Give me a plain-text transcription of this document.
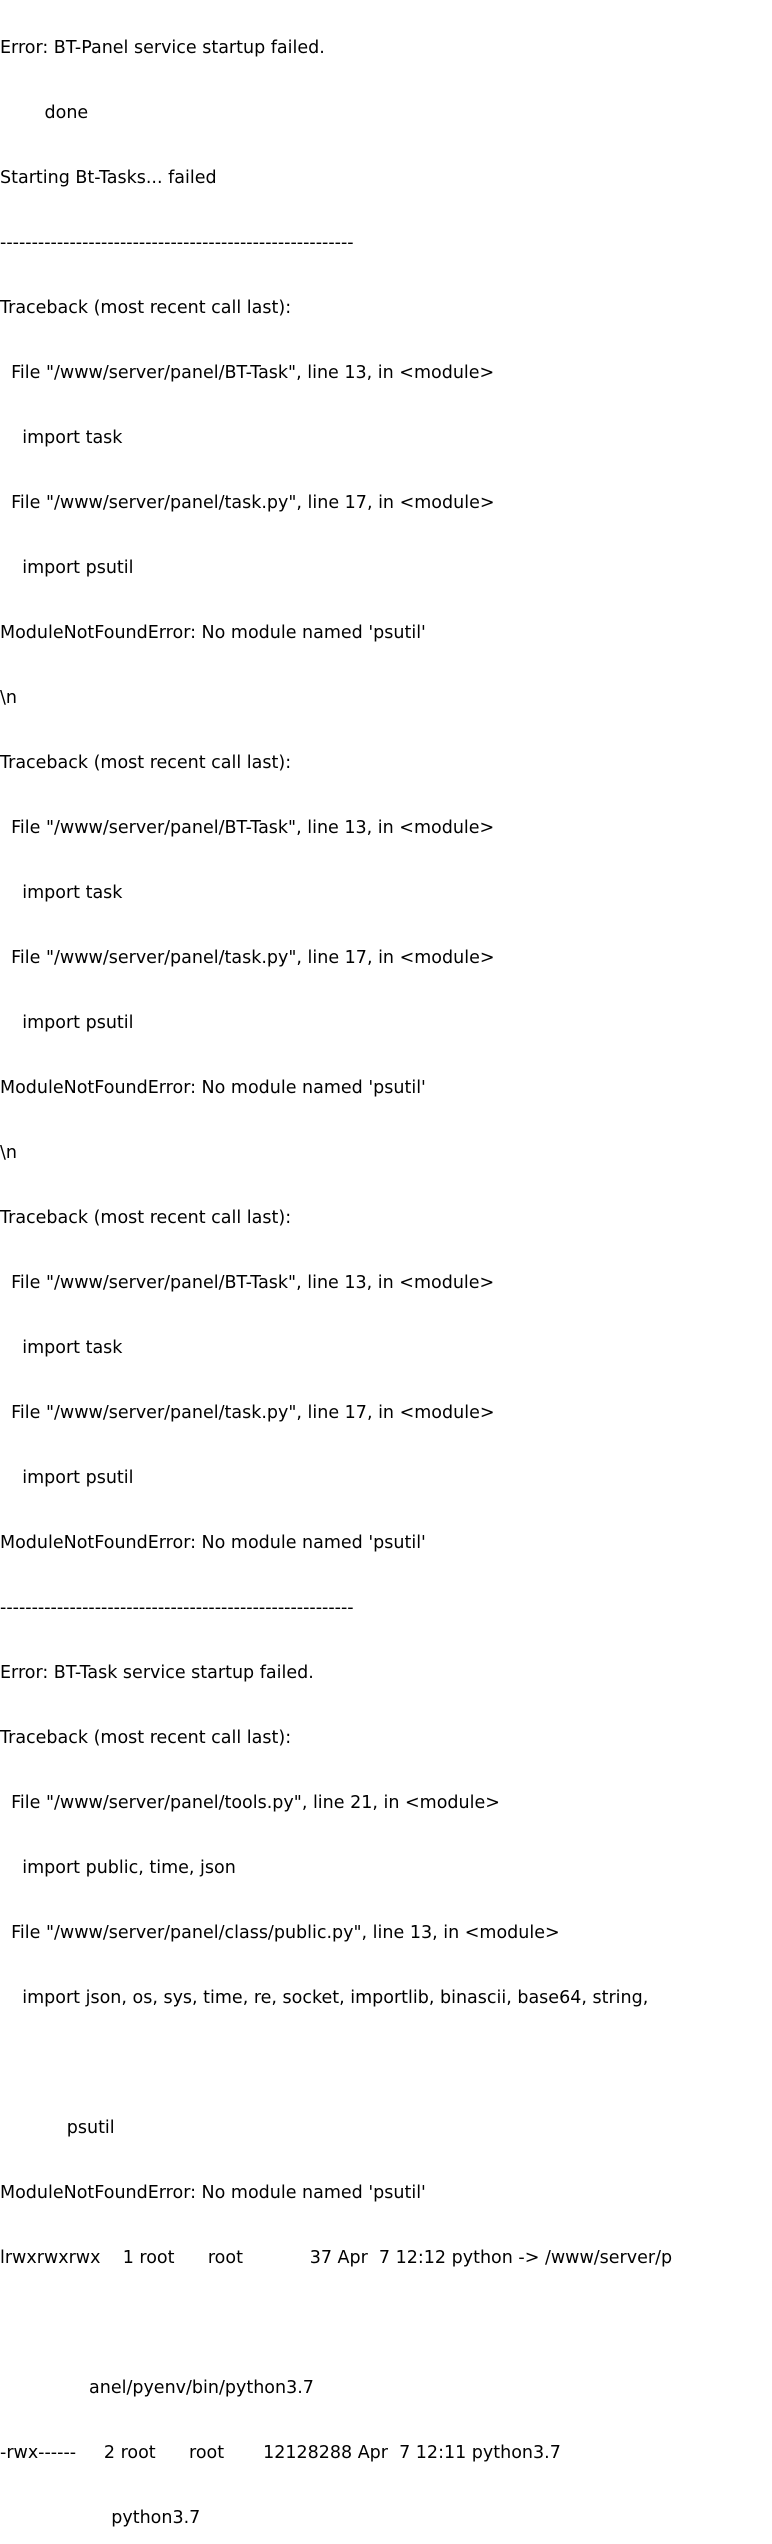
Error: BT-Panel service startup failed.

done

Starting Bt-Tasks... failed

--------------------------------------------------------

Traceback (most recent call last):

File "/www/server/panel/BT-Task", line 13, in <module>

import task

File "/www/server/panel/task.py", line 17, in <module>

import psutil

ModuleNotFoundError: No module named 'psutil'

\n

Traceback (most recent call last):

File "/www/server/panel/BT-Task", line 13, in <module>

import task

File "/www/server/panel/task.py", line 17, in <module>

import psutil

ModuleNotFoundError: No module named 'psutil'

\n

Traceback (most recent call last):

File "/www/server/panel/BT-Task", line 13, in <module>

import task

File "/www/server/panel/task.py", line 17, in <module>

import psutil

ModuleNotFoundError: No module named 'psutil'

--------------------------------------------------------

Error: BT-Task service startup failed.

Traceback (most recent call last):

File "/www/server/panel/tools.py", line 21, in <module>

import public, time, json

File "/www/server/panel/class/public.py", line 13, in <module>

import json, os, sys, time, re, socket, importlib, binascii, base64, string,

psutil

ModuleNotFoundError: No module named 'psutil'

lrwxrwxrwx    1 root      root            37 Apr  7 12:12 python -> /www/server/p

anel/pyenv/bin/python3.7

-rwx------     2 root      root       12128288 Apr  7 12:11 python3.7

python3.7
